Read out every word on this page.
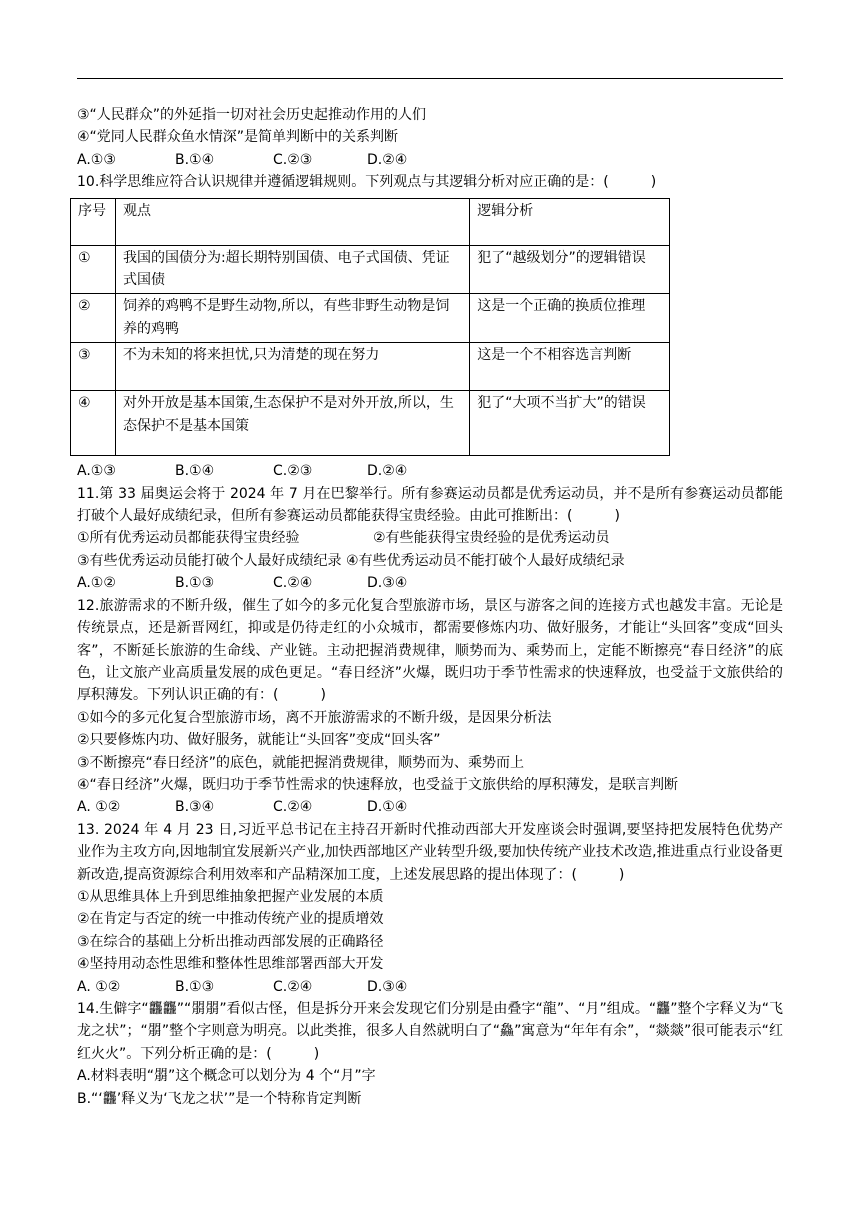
③“人民群众”的外延指一切对社会历史起推动作用的人们
④“党同人民群众鱼水情深”是简单判断中的关系判断
A.①③	B.①④	C.②③	D.②④
10.科学思维应符合认识规律并遵循逻辑规则。下列观点与其逻辑分析对应正确的是：(　　　)
序号	观点	逻辑分析
①	我国的国债分为:超长期特别国债、电子式国债、凭证式国债	犯了“越级划分”的逻辑错误
②	饲养的鸡鸭不是野生动物,所以，有些非野生动物是饲养的鸡鸭	这是一个正确的换质位推理
③	不为未知的将来担忧,只为清楚的现在努力	这是一个不相容选言判断
④	对外开放是基本国策,生态保护不是对外开放,所以，生态保护不是基本国策	犯了“大项不当扩大”的错误
A.①③	B.①④	C.②③	D.②④
11.第 33 届奥运会将于 2024 年 7 月在巴黎举行。所有参赛运动员都是优秀运动员，并不是所有参赛运动员都能打破个人最好成绩纪录，但所有参赛运动员都能获得宝贵经验。由此可推断出：(　　　)
①所有优秀运动员都能获得宝贵经验	②有些能获得宝贵经验的是优秀运动员
③有些优秀运动员能打破个人最好成绩纪录 ④有些优秀运动员不能打破个人最好成绩纪录
A.①②	B.①③	C.②④	D.③④
12.旅游需求的不断升级，催生了如今的多元化复合型旅游市场，景区与游客之间的连接方式也越发丰富。无论是传统景点，还是新晋网红，抑或是仍待走红的小众城市，都需要修炼内功、做好服务，才能让“头回客”变成“回头客”，不断延长旅游的生命线、产业链。主动把握消费规律，顺势而为、乘势而上，定能不断擦亮“春日经济”的底色，让文旅产业高质量发展的成色更足。“春日经济”火爆，既归功于季节性需求的快速释放，也受益于文旅供给的厚积薄发。下列认识正确的有：(　　　)
①如今的多元化复合型旅游市场，离不开旅游需求的不断升级，是因果分析法
②只要修炼内功、做好服务，就能让“头回客”变成“回头客”
③不断擦亮“春日经济”的底色，就能把握消费规律，顺势而为、乘势而上
④“春日经济”火爆，既归功于季节性需求的快速释放，也受益于文旅供给的厚积薄发，是联言判断
A. ①②	B.③④	C.②④	D.①④
13. 2024 年 4 月 23 日,习近平总书记在主持召开新时代推动西部大开发座谈会时强调,要坚持把发展特色优势产业作为主攻方向,因地制宜发展新兴产业,加快西部地区产业转型升级,要加快传统产业技术改造,推进重点行业设备更新改造,提高资源综合利用效率和产品精深加工度，上述发展思路的提出体现了：(　　　)
①从思维具体上升到思维抽象把握产业发展的本质
②在肯定与否定的统一中推动传统产业的提质增效
③在综合的基础上分析出推动西部发展的正确路径
④坚持用动态性思维和整体性思维部署西部大开发
A. ①②	B.①③	C.②④	D.③④
14.生僻字“龘龘”“朤朤”看似古怪，但是拆分开来会发现它们分别是由叠字“龍”、“月”组成。“龘”整个字释义为“飞龙之状”；“朤”整个字则意为明亮。以此类推，很多人自然就明白了“鱻”寓意为“年年有余”，“燚燚”很可能表示“红红火火”。下列分析正确的是：(　　　)
A.材料表明“朤”这个概念可以划分为 4 个“月”字
B.“‘龘’释义为‘飞龙之状’”是一个特称肯定判断
